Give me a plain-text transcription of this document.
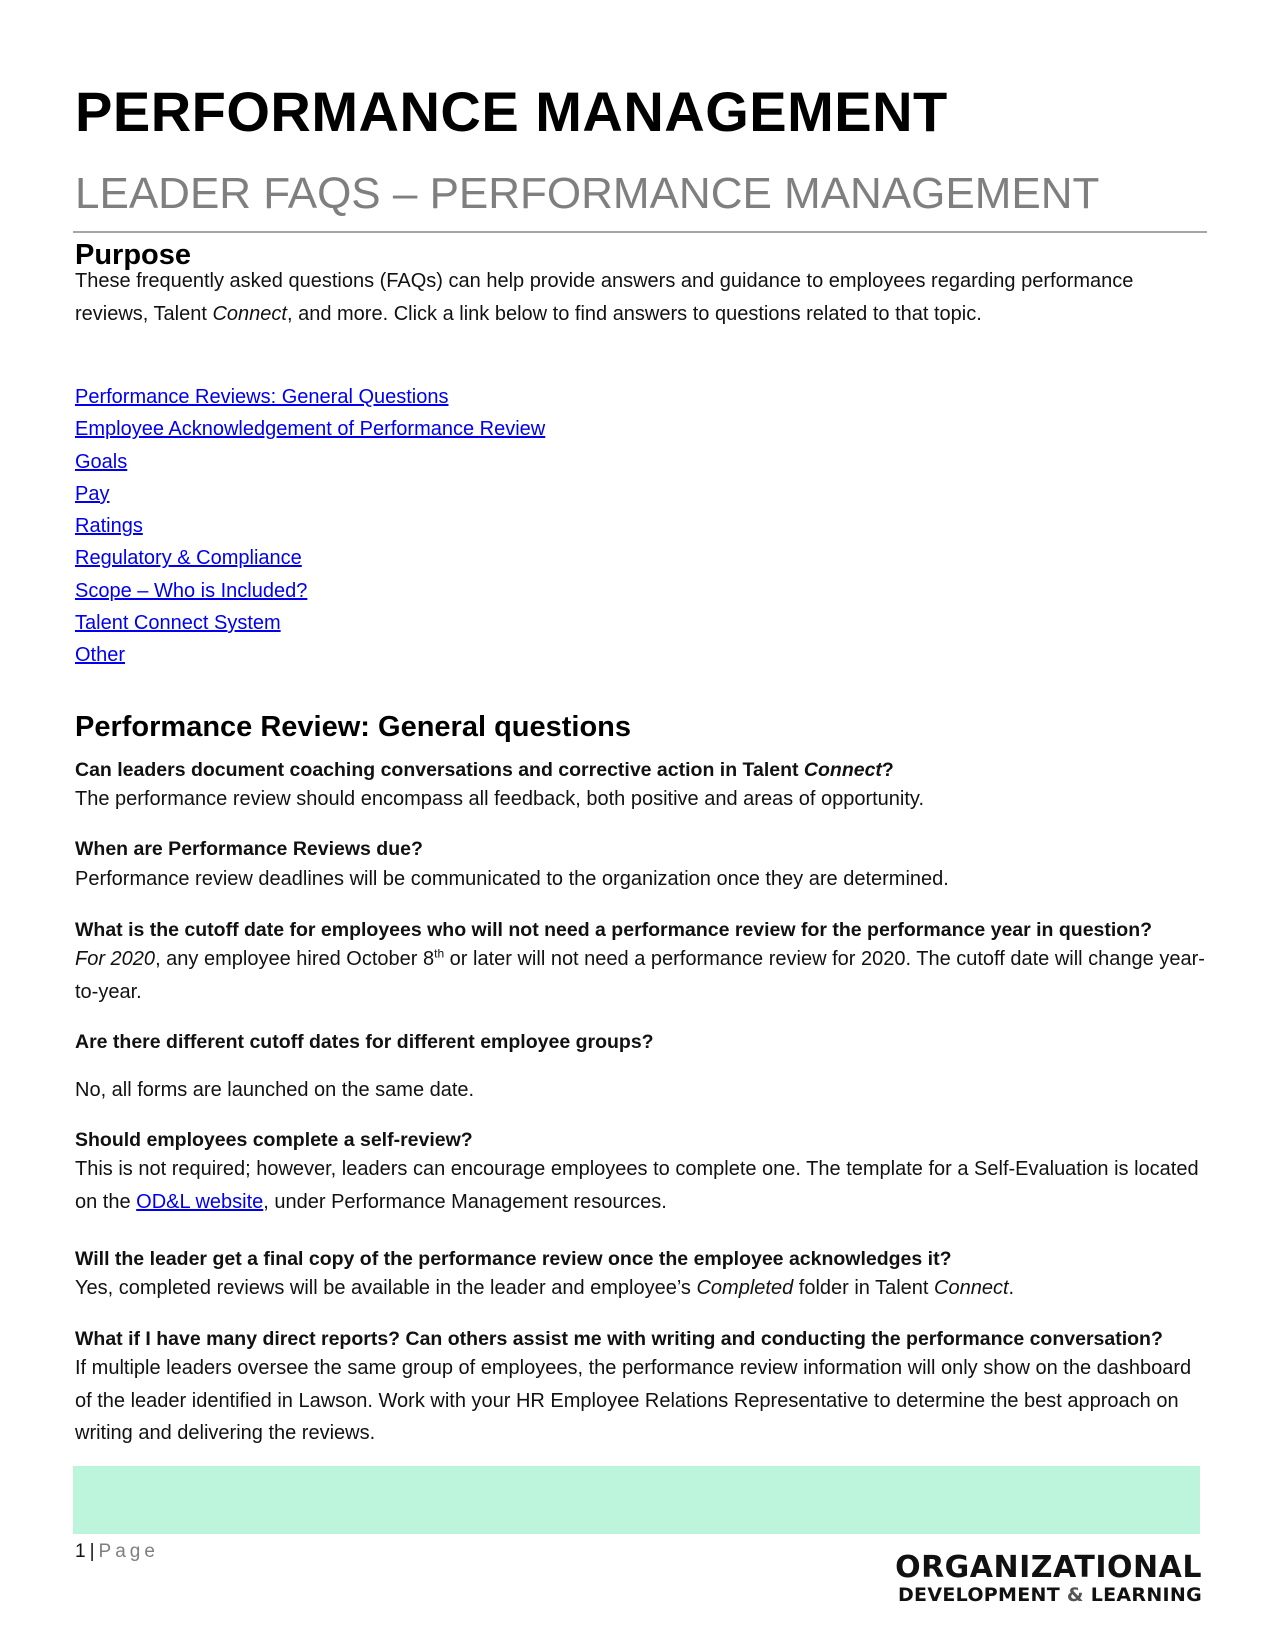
PERFORMANCE MANAGEMENT
LEADER FAQS – PERFORMANCE MANAGEMENT
Purpose

These frequently asked questions (FAQs) can help provide answers and guidance to employees regarding performance reviews, Talent Connect, and more. Click a link below to find answers to questions related to that topic.

Performance Reviews: General Questions
Employee Acknowledgement of Performance Review
Goals
Pay
Ratings
Regulatory & Compliance
Scope – Who is Included?
Talent Connect System
Other
Performance Review: General questions

Can leaders document coaching conversations and corrective action in Talent Connect?

The performance review should encompass all feedback, both positive and areas of opportunity.

When are Performance Reviews due?

Performance review deadlines will be communicated to the organization once they are determined.

What is the cutoff date for employees who will not need a performance review for the performance year in question?

For 2020, any employee hired October 8th or later will not need a performance review for 2020. The cutoff date will change year-to-year.

Are there different cutoff dates for different employee groups?

No, all forms are launched on the same date.

Should employees complete a self-review?

This is not required; however, leaders can encourage employees to complete one. The template for a Self-Evaluation is located on the OD&L website, under Performance Management resources.

Will the leader get a final copy of the performance review once the employee acknowledges it?

Yes, completed reviews will be available in the leader and employee’s Completed folder in Talent Connect.

What if I have many direct reports? Can others assist me with writing and conducting the performance conversation?

If multiple leaders oversee the same group of employees, the performance review information will only show on the dashboard of the leader identified in Lawson. Work with your HR Employee Relations Representative to determine the best approach on writing and delivering the reviews.

1 | Page	ORGANIZATIONAL
DEVELOPMENT & LEARNING
